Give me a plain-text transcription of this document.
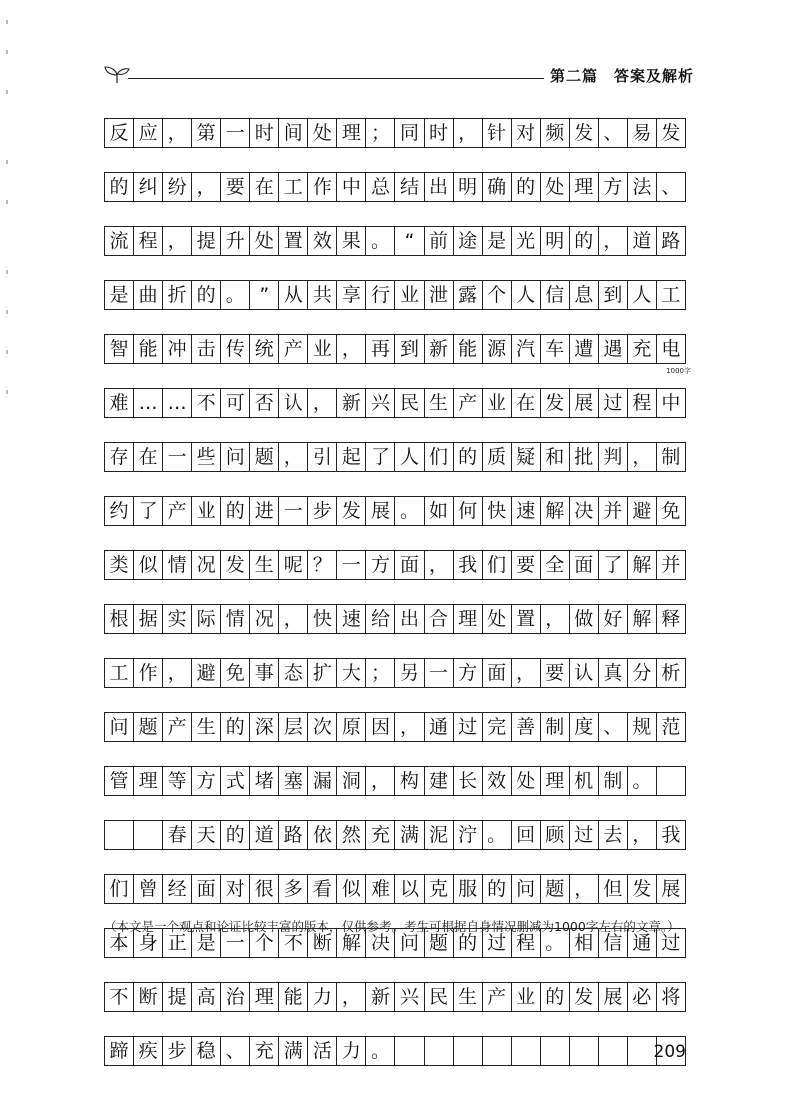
第二篇　答案及解析
反 应 ， 第 一 时 间 处 理 ； 同 时 ， 针 对 频 发 、 易 发
的 纠 纷 ， 要 在 工 作 中 总 结 出 明 确 的 处 理 方 法 、
流 程 ， 提 升 处 置 效 果 。 “ 前 途 是 光 明 的 ， 道 路
是 曲 折 的 。 ” 从 共 享 行 业 泄 露 个 人 信 息 到 人 工
智 能 冲 击 传 统 产 业 ， 再 到 新 能 源 汽 车 遭 遇 充 电
1000字
难 … … 不 可 否 认 ， 新 兴 民 生 产 业 在 发 展 过 程 中
存 在 一 些 问 题 ， 引 起 了 人 们 的 质 疑 和 批 判 ， 制
约 了 产 业 的 进 一 步 发 展 。 如 何 快 速 解 决 并 避 免
类 似 情 况 发 生 呢 ？ 一 方 面 ， 我 们 要 全 面 了 解 并
根 据 实 际 情 况 ， 快 速 给 出 合 理 处 置 ， 做 好 解 释
工 作 ， 避 免 事 态 扩 大 ； 另 一 方 面 ， 要 认 真 分 析
问 题 产 生 的 深 层 次 原 因 ， 通 过 完 善 制 度 、 规 范
管 理 等 方 式 堵 塞 漏 洞 ， 构 建 长 效 处 理 机 制 。
春 天 的 道 路 依 然 充 满 泥 泞 。 回 顾 过 去 ， 我
们 曾 经 面 对 很 多 看 似 难 以 克 服 的 问 题 ， 但 发 展
本 身 正 是 一 个 不 断 解 决 问 题 的 过 程 。 相 信 通 过
不 断 提 高 治 理 能 力 ， 新 兴 民 生 产 业 的 发 展 必 将
蹄 疾 步 稳 、 充 满 活 力 。
（本文是一个观点和论证比较丰富的版本，仅供参考。考生可根据自身情况删减为1000字左右的文章。）
209
